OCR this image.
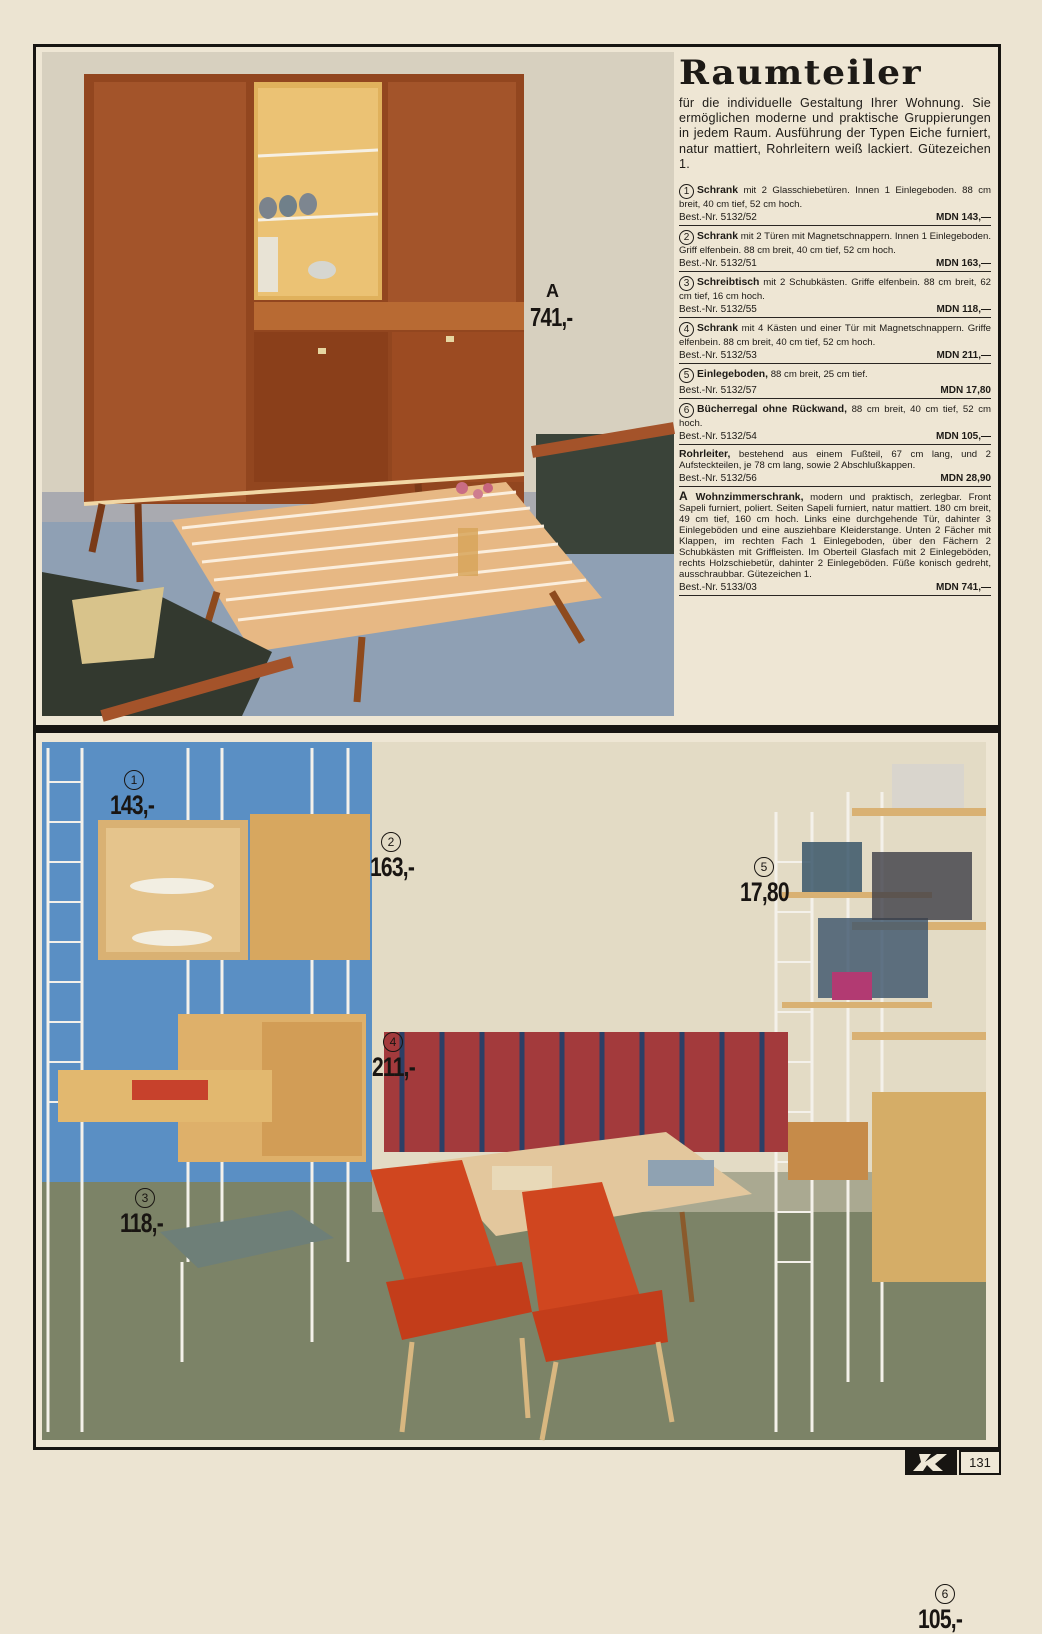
A
741,-
Raumteiler

für die individuelle Gestaltung Ihrer Wohnung. Sie ermöglichen moderne und praktische Gruppierungen in jedem Raum. Ausführung der Typen Eiche furniert, natur mattiert, Rohrleitern weiß lackiert. Gütezeichen 1.

1 Schrank mit 2 Glasschiebetüren. Innen 1 Einlegeboden. 88 cm breit, 40 cm tief, 52 cm hoch.
Best.-Nr. 5132/52	MDN 143,—
2 Schrank mit 2 Türen mit Magnetschnappern. Innen 1 Einlegeboden. Griff elfenbein. 88 cm breit, 40 cm tief, 52 cm hoch.
Best.-Nr. 5132/51	MDN 163,—
3 Schreibtisch mit 2 Schubkästen. Griffe elfenbein. 88 cm breit, 62 cm tief, 16 cm hoch.
Best.-Nr. 5132/55	MDN 118,—
4 Schrank mit 4 Kästen und einer Tür mit Magnetschnappern. Griffe elfenbein. 88 cm breit, 40 cm tief, 52 cm hoch.
Best.-Nr. 5132/53	MDN 211,—
5 Einlegeboden, 88 cm breit, 25 cm tief.
Best.-Nr. 5132/57	MDN 17,80
6 Bücherregal ohne Rückwand, 88 cm breit, 40 cm tief, 52 cm hoch.
Best.-Nr. 5132/54	MDN 105,—
Rohrleiter, bestehend aus einem Fußteil, 67 cm lang, und 2 Aufsteckteilen, je 78 cm lang, sowie 2 Abschlußkappen.
Best.-Nr. 5132/56	MDN 28,90
A Wohnzimmerschrank, modern und praktisch, zerlegbar. Front Sapeli furniert, poliert. Seiten Sapeli furniert, natur mattiert. 180 cm breit, 49 cm tief, 160 cm hoch. Links eine durchgehende Tür, dahinter 3 Einlegeböden und eine ausziehbare Kleiderstange. Unten 2 Fächer mit Klappen, im rechten Fach 1 Einlegeboden, über den Fächern 2 Schubkästen mit Griffleisten. Im Oberteil Glasfach mit 2 Einlegeböden, rechts Holzschiebetür, dahinter 2 Einlegeböden. Füße konisch gedreht, ausschraubbar. Gütezeichen 1.
Best.-Nr. 5133/03	MDN 741,—
1
143,-
2
163,-	5
17,80
4
211,-
3
118,-
6
105,-
131
